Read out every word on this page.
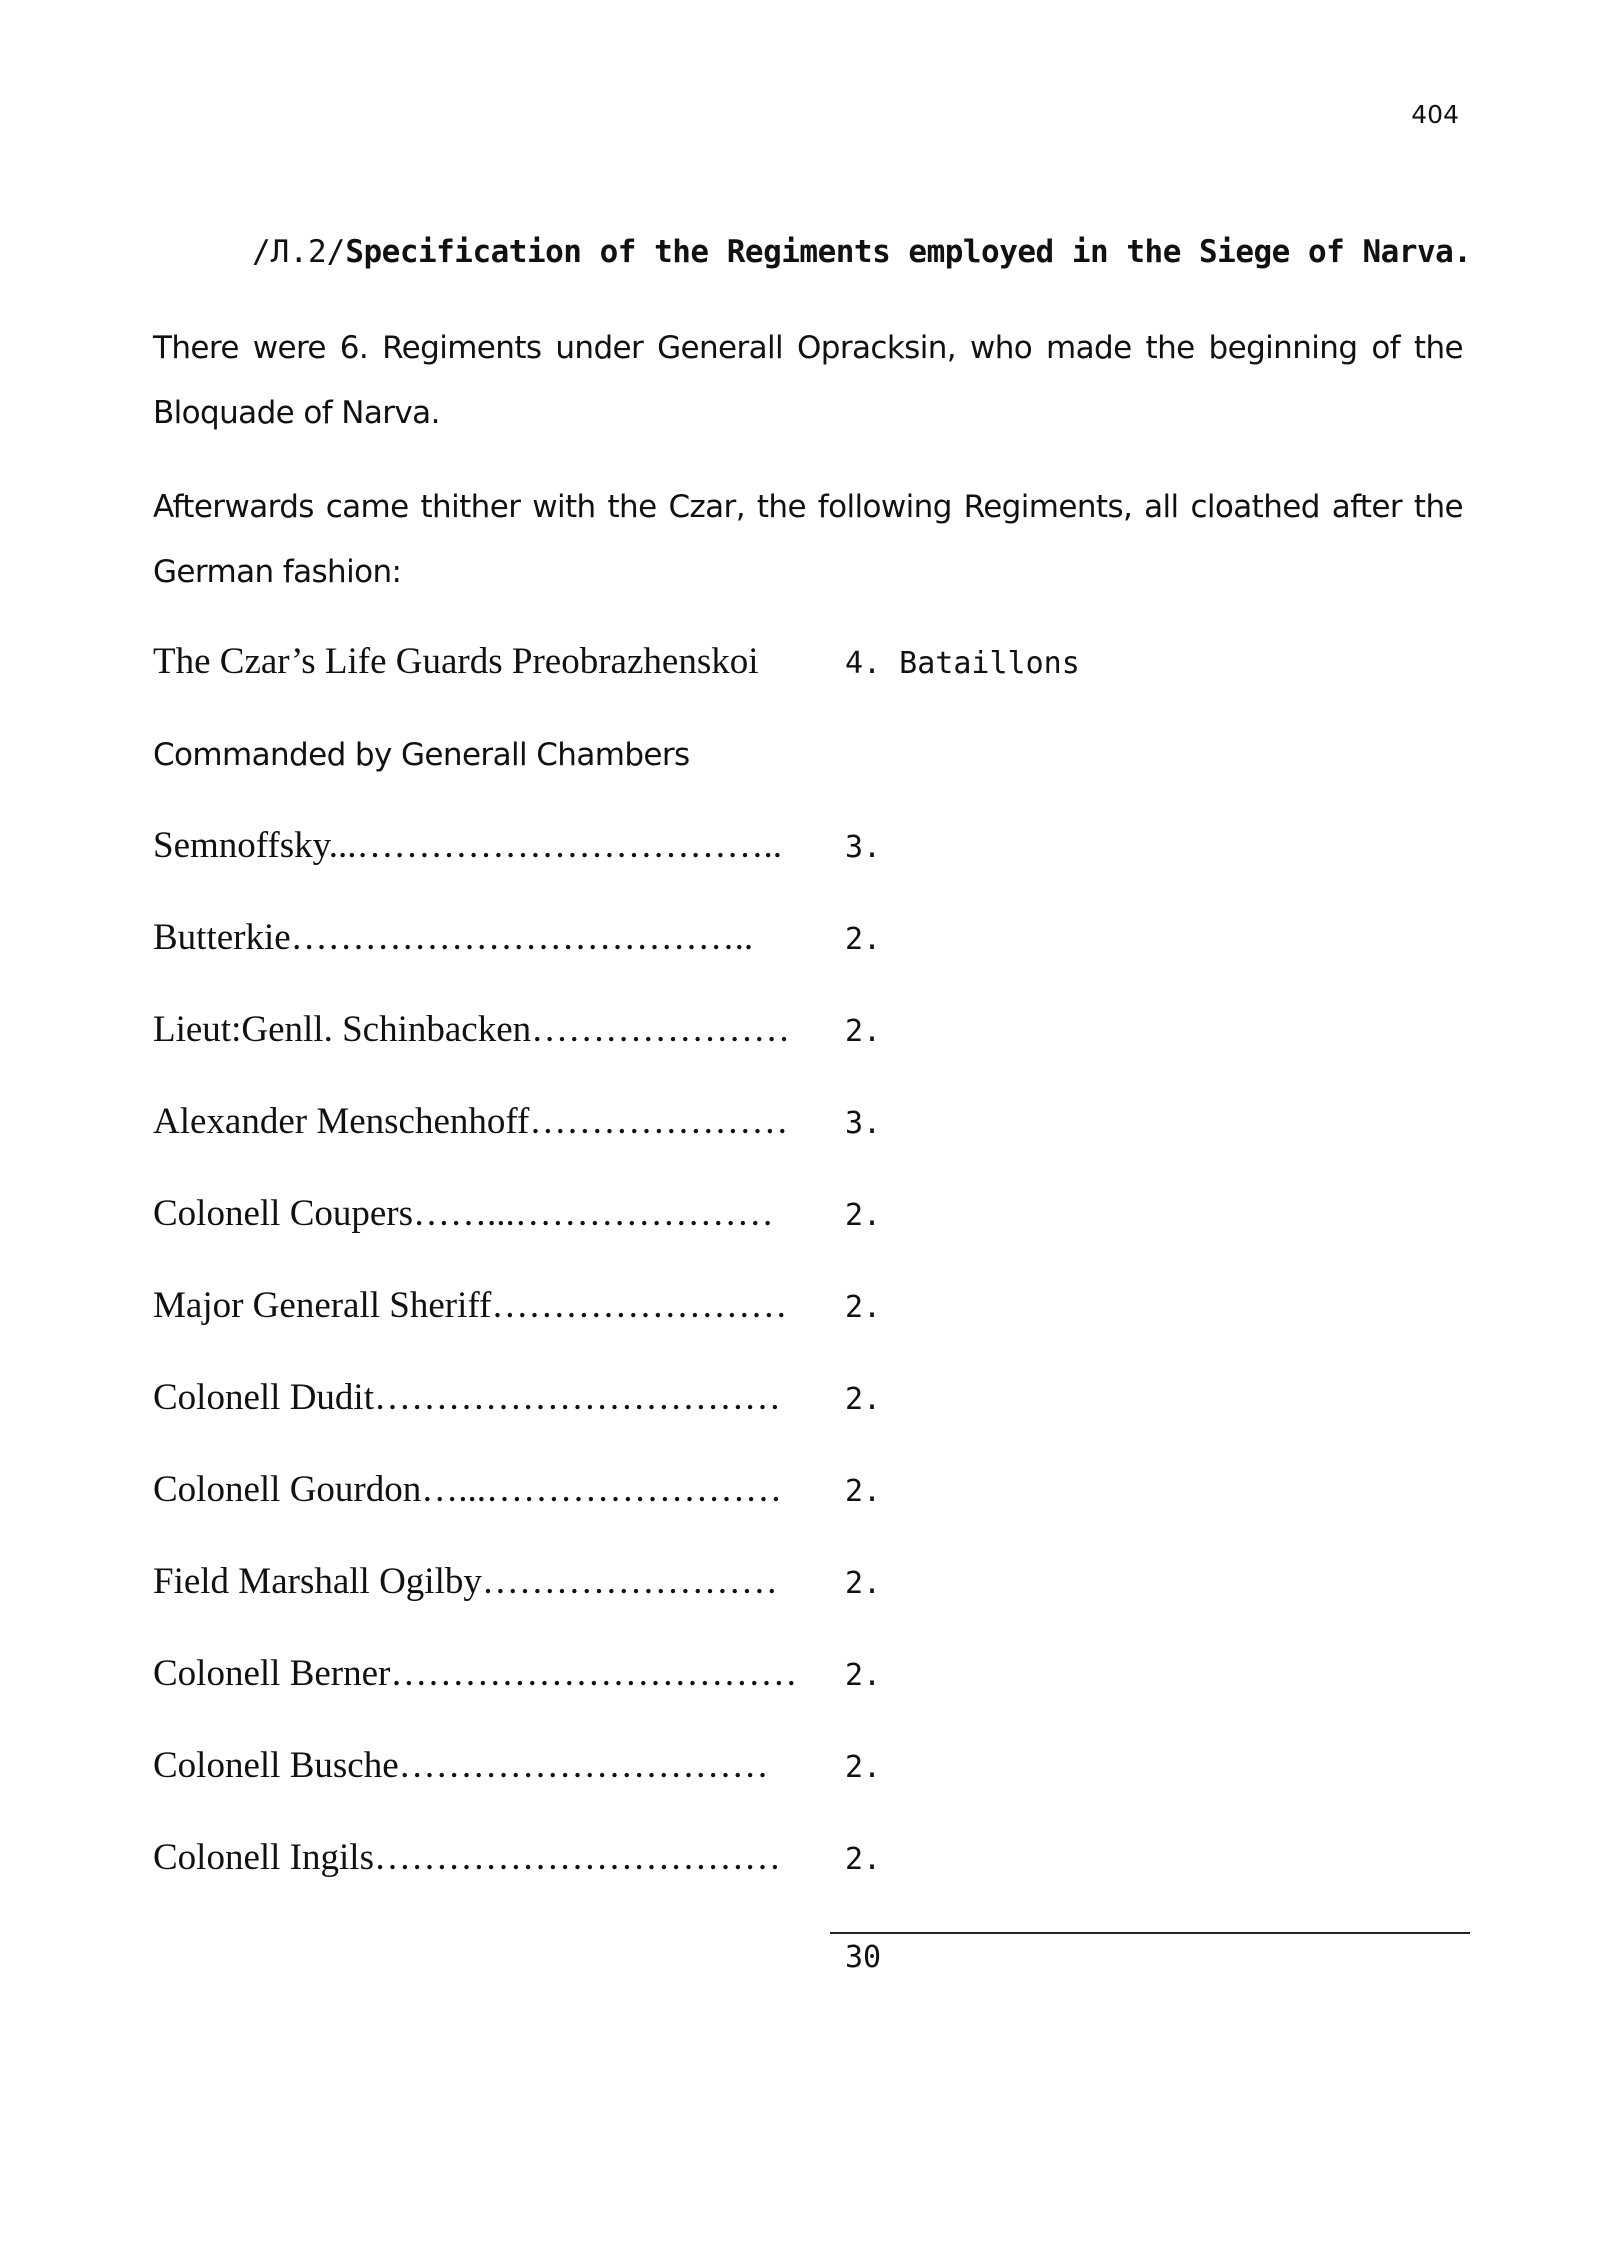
404
/Л.2/Specification of the Regiments employed in the Siege of Narva.
There were 6. Regiments under Generall Opracksin, who made the beginning of the Bloquade of Narva.
Afterwards came thither with the Czar, the following Regiments, all cloathed after the German fashion:
The Czar’s Life Guards Preobrazhenskoi	4. Bataillons
Commanded by Generall Chambers
Semnoffsky...…………………………….. 3.
Butterkie………………………………..	2.
Lieut:Genll. Schinbacken………………… 2.
Alexander Menschenhoff………………… 3.
Colonell Coupers……...………………… 2.
Major Generall Sheriff…………………… 2.
Colonell Dudit…………………………… 2.
Colonell Gourdon…...…………………… 2.
Field Marshall Ogilby…………………… 2.
Colonell Berner…………………………… 2.
Colonell Busche…………………………	2.
Colonell Ingils…………………………… 2.
30
